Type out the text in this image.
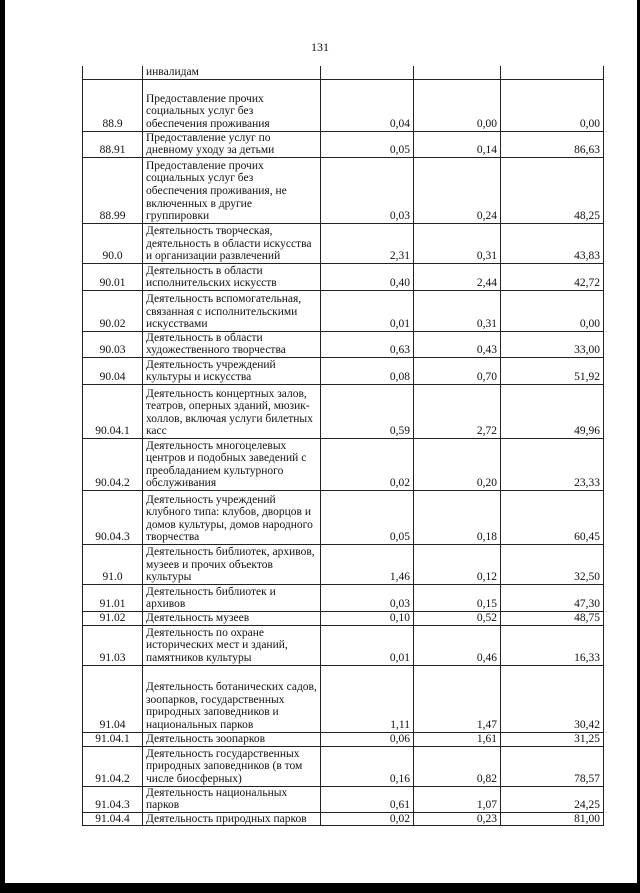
131
	инвалидам			
88.9	Предоставление прочих социальных услуг без обеспечения проживания	0,04	0,00	0,00
88.91	Предоставление услуг по дневному уходу за детьми	0,05	0,14	86,63
88.99	Предоставление прочих социальных услуг без обеспечения проживания, не включенных в другие группировки	0,03	0,24	48,25
90.0	Деятельность творческая, деятельность в области искусства и организации развлечений	2,31	0,31	43,83
90.01	Деятельность в области исполнительских искусств	0,40	2,44	42,72
90.02	Деятельность вспомогательная, связанная с исполнительскими искусствами	0,01	0,31	0,00
90.03	Деятельность в области художественного творчества	0,63	0,43	33,00
90.04	Деятельность учреждений культуры и искусства	0,08	0,70	51,92
90.04.1	Деятельность концертных залов, театров, оперных зданий, мюзик-холлов, включая услуги билетных касс	0,59	2,72	49,96
90.04.2	Деятельность многоцелевых центров и подобных заведений с преобладанием культурного обслуживания	0,02	0,20	23,33
90.04.3	Деятельность учреждений клубного типа: клубов, дворцов и домов культуры, домов народного творчества	0,05	0,18	60,45
91.0	Деятельность библиотек, архивов, музеев и прочих объектов культуры	1,46	0,12	32,50
91.01	Деятельность библиотек и архивов	0,03	0,15	47,30
91.02	Деятельность музеев	0,10	0,52	48,75
91.03	Деятельность по охране исторических мест и зданий, памятников культуры	0,01	0,46	16,33
91.04	Деятельность ботанических садов, зоопарков, государственных природных заповедников и национальных парков	1,11	1,47	30,42
91.04.1	Деятельность зоопарков	0,06	1,61	31,25
91.04.2	Деятельность государственных природных заповедников (в том числе биосферных)	0,16	0,82	78,57
91.04.3	Деятельность национальных парков	0,61	1,07	24,25
91.04.4	Деятельность природных парков	0,02	0,23	81,00
